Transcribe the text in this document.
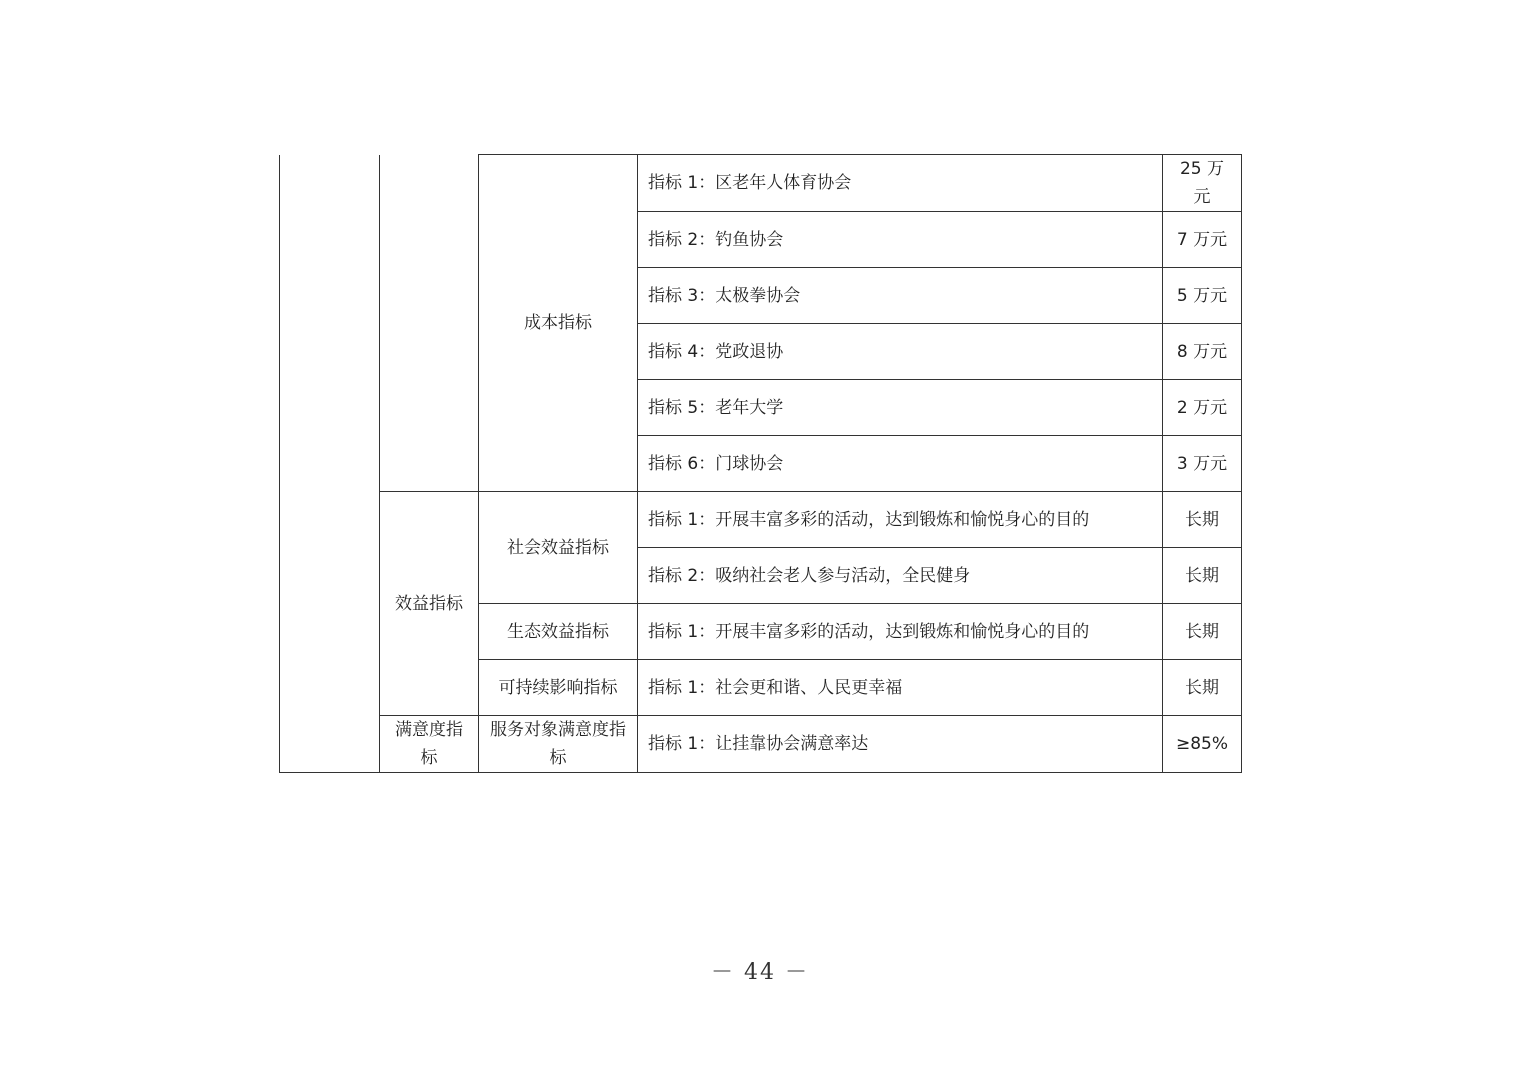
		成本指标	指标 1：区老年人体育协会	25 万
元
			指标 2：钓鱼协会	7 万元
			指标 3：太极拳协会	5 万元
			指标 4：党政退协	8 万元
			指标 5：老年大学	2 万元
			指标 6：门球协会	3 万元
	效益指标	社会效益指标	指标 1：开展丰富多彩的活动，达到锻炼和愉悦身心的目的	长期
			指标 2：吸纳社会老人参与活动，全民健身	长期
		生态效益指标	指标 1：开展丰富多彩的活动，达到锻炼和愉悦身心的目的	长期
		可持续影响指标	指标 1：社会更和谐、人民更幸福	长期
	满意度指标	服务对象满意度指标	指标 1：让挂靠协会满意率达	≥85%
－ 44 －
